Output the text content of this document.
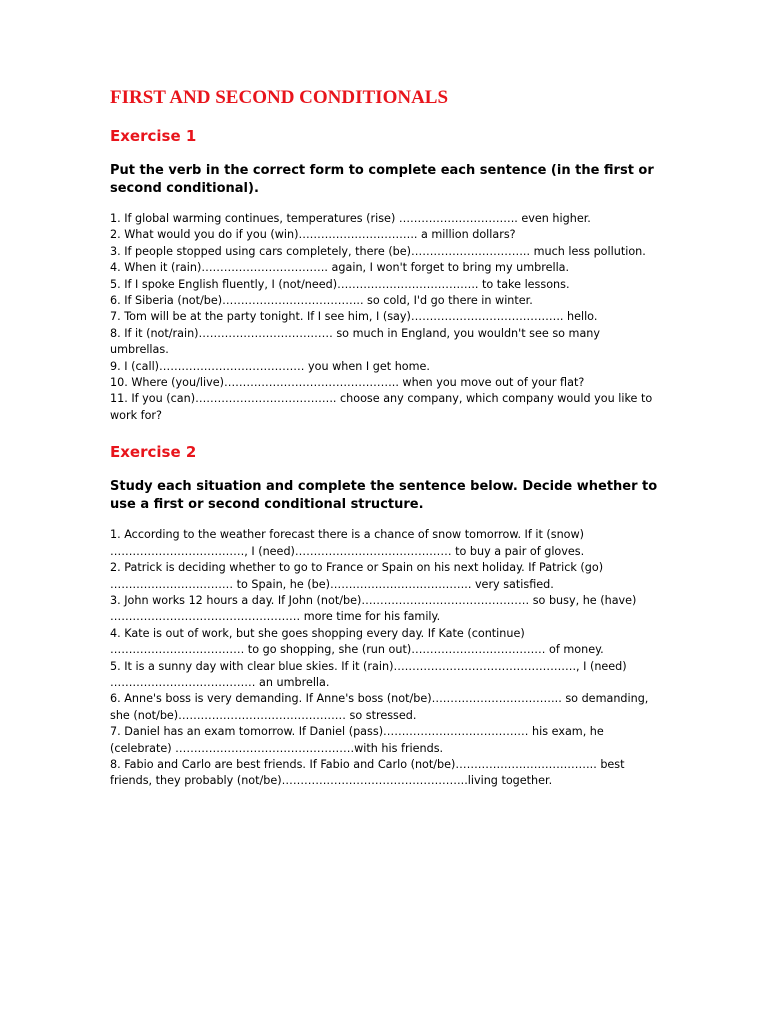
FIRST AND SECOND CONDITIONALS
Exercise 1

Put the verb in the correct form to complete each sentence (in the first or second conditional).

1. If global warming continues, temperatures (rise) ………………………….. even higher.
2. What would you do if you (win)………………………….. a million dollars?
3. If people stopped using cars completely, there (be)………………………….. much less pollution.
4. When it (rain)……………………………. again, I won't forget to bring my umbrella.
5. If I spoke English fluently, I (not/need)……………………………….. to take lessons.
6. If Siberia (not/be)……………………………….. so cold, I'd go there in winter.
7. Tom will be at the party tonight. If I see him, I (say)………………………………….. hello.
8. If it (not/rain)……………………………… so much in England, you wouldn't see so many umbrellas.
9. I (call)………………………………… you when I get home.
10. Where (you/live)……………………………………….. when you move out of your flat?
11. If you (can)……………………………….. choose any company, which company would you like to work for?
Exercise 2

Study each situation and complete the sentence below. Decide whether to use a first or second conditional structure.

1. According to the weather forecast there is a chance of snow tomorrow. If it (snow) ………………………………, I (need)…………………………………… to buy a pair of gloves.
2. Patrick is deciding whether to go to France or Spain on his next holiday. If Patrick (go) …………………………… to Spain, he (be)……………………………….. very satisfied.
3. John works 12 hours a day. If John (not/be)……………………………………… so busy, he (have) …………………………………………… more time for his family.
4. Kate is out of work, but she goes shopping every day. If Kate (continue) ……………………………… to go shopping, she (run out)……………………………… of money.
5. It is a sunny day with clear blue skies. If it (rain)…………………………………………., I (need) ………………………………… an umbrella.
6. Anne's boss is very demanding. If Anne's boss (not/be)…………………………….. so demanding, she (not/be)……………………………………… so stressed.
7. Daniel has an exam tomorrow. If Daniel (pass)………………………………… his exam, he (celebrate) …………………………………………with his friends.
8. Fabio and Carlo are best friends. If Fabio and Carlo (not/be)……………………………….. best friends, they probably (not/be)…………………………………………..living together.
